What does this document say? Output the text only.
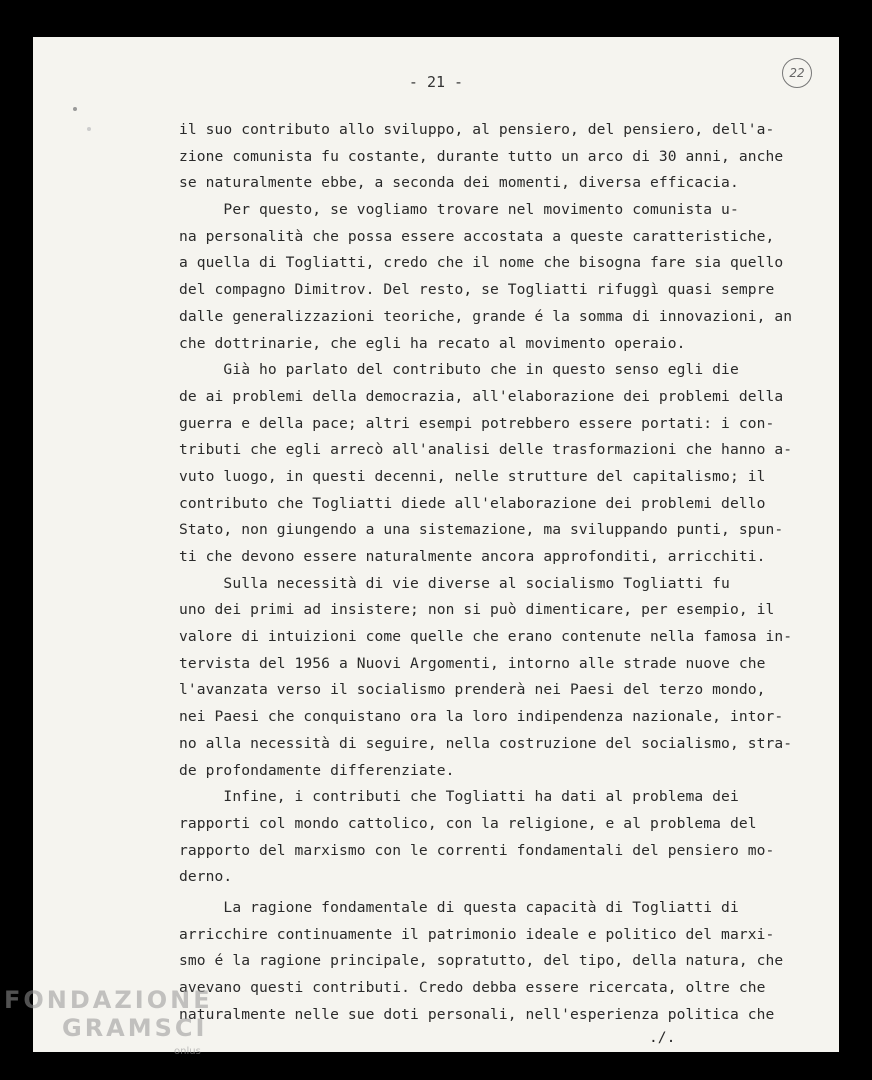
- 21 -	22
il suo contributo allo sviluppo, al pensiero, del pensiero, dell'a-
zione comunista fu costante, durante tutto un arco di 30 anni, anche
se naturalmente ebbe, a seconda dei momenti, diversa efficacia.
Per questo, se vogliamo trovare nel movimento comunista u-
na personalità che possa essere accostata a queste caratteristiche,
a quella di Togliatti, credo che il nome che bisogna fare sia quello
del compagno Dimitrov. Del resto, se Togliatti rifuggì quasi sempre
dalle generalizzazioni teoriche, grande é la somma di innovazioni, an
che dottrinarie, che egli ha recato al movimento operaio.
Già ho parlato del contributo che in questo senso egli die
de ai problemi della democrazia, all'elaborazione dei problemi della
guerra e della pace; altri esempi potrebbero essere portati: i con-
tributi che egli arrecò all'analisi delle trasformazioni che hanno a-
vuto luogo, in questi decenni, nelle strutture del capitalismo; il
contributo che Togliatti diede all'elaborazione dei problemi dello
Stato, non giungendo a una sistemazione, ma sviluppando punti, spun-
ti che devono essere naturalmente ancora approfonditi, arricchiti.
Sulla necessità di vie diverse al socialismo Togliatti fu
uno dei primi ad insistere; non si può dimenticare, per esempio, il
valore di intuizioni come quelle che erano contenute nella famosa in-
tervista del 1956 a Nuovi Argomenti, intorno alle strade nuove che
l'avanzata verso il socialismo prenderà nei Paesi del terzo mondo,
nei Paesi che conquistano ora la loro indipendenza nazionale, intor-
no alla necessità di seguire, nella costruzione del socialismo, stra-
de profondamente differenziate.
Infine, i contributi che Togliatti ha dati al problema dei
rapporti col mondo cattolico, con la religione, e al problema del
rapporto del marxismo con le correnti fondamentali del pensiero mo-
derno.
La ragione fondamentale di questa capacità di Togliatti di
arricchire continuamente il patrimonio ideale e politico del marxi-
smo é la ragione principale, sopratutto, del tipo, della natura, che
avevano questi contributi. Credo debba essere ricercata, oltre che
naturalmente nelle sue doti personali, nell'esperienza politica che
./.
FONDAZIONE
GRAMSCI
onlus
